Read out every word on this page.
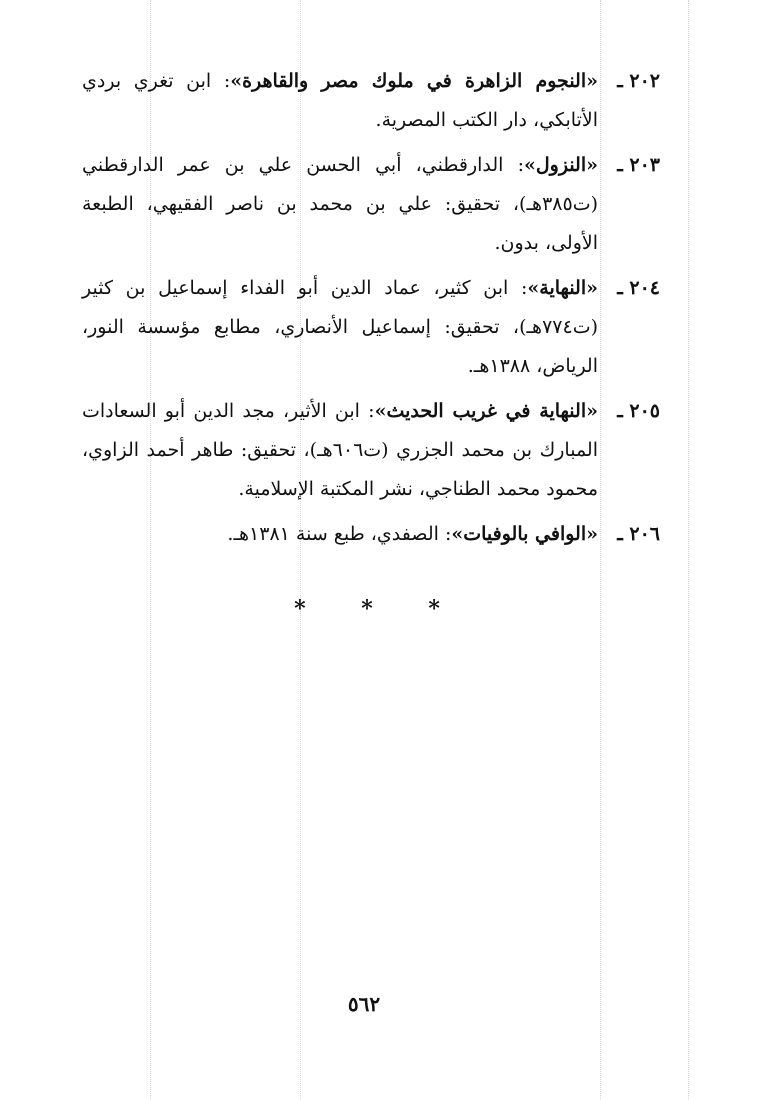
٢٠٢ ـ
«النجوم الزاهرة في ملوك مصر والقاهرة»: ابن تغري بردي الأتابكي، دار الكتب المصرية.
٢٠٣ ـ
«النزول»: الدارقطني، أبي الحسن علي بن عمر الدارقطني (ت٣٨٥هـ)، تحقيق: علي بن محمد بن ناصر الفقيهي، الطبعة الأولى، بدون.
٢٠٤ ـ
«النهاية»: ابن كثير، عماد الدين أبو الفداء إسماعيل بن كثير (ت٧٧٤هـ)، تحقيق: إسماعيل الأنصاري، مطابع مؤسسة النور، الرياض، ١٣٨٨هـ.
٢٠٥ ـ
«النهاية في غريب الحديث»: ابن الأثير، مجد الدين أبو السعادات المبارك بن محمد الجزري (ت٦٠٦هـ)، تحقيق: طاهر أحمد الزاوي، محمود محمد الطناجي، نشر المكتبة الإسلامية.
٢٠٦ ـ
«الوافي بالوفيات»: الصفدي، طبع سنة ١٣٨١هـ.
* * *
٥٦٢
